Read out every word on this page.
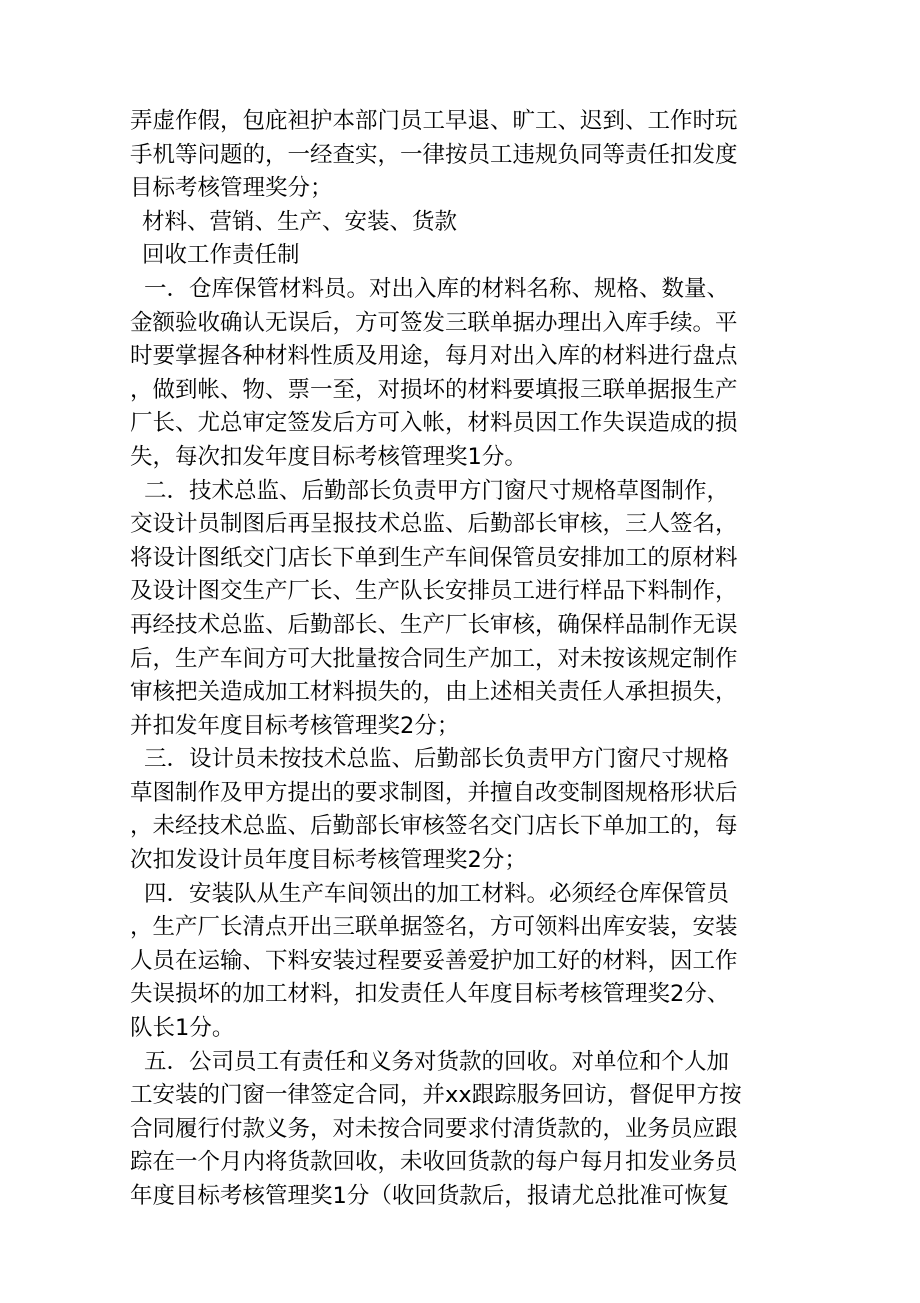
弄虚作假，包庇袒护本部门员工早退、旷工、迟到、工作时玩
手机等问题的，一经查实，一律按员工违规负同等责任扣发度
目标考核管理奖分；
材料、营销、生产、安装、货款
回收工作责任制
一．仓库保管材料员。对出入库的材料名称、规格、数量、
金额验收确认无误后，方可签发三联单据办理出入库手续。平
时要掌握各种材料性质及用途，每月对出入库的材料进行盘点
，做到帐、物、票一至，对损坏的材料要填报三联单据报生产
厂长、尤总审定签发后方可入帐，材料员因工作失误造成的损
失，每次扣发年度目标考核管理奖1分。
二．技术总监、后勤部长负责甲方门窗尺寸规格草图制作，
交设计员制图后再呈报技术总监、后勤部长审核，三人签名，
将设计图纸交门店长下单到生产车间保管员安排加工的原材料
及设计图交生产厂长、生产队长安排员工进行样品下料制作，
再经技术总监、后勤部长、生产厂长审核，确保样品制作无误
后，生产车间方可大批量按合同生产加工，对未按该规定制作
审核把关造成加工材料损失的，由上述相关责任人承担损失，
并扣发年度目标考核管理奖2分；
三．设计员未按技术总监、后勤部长负责甲方门窗尺寸规格
草图制作及甲方提出的要求制图，并擅自改变制图规格形状后
，未经技术总监、后勤部长审核签名交门店长下单加工的，每
次扣发设计员年度目标考核管理奖2分；
四．安装队从生产车间领出的加工材料。必须经仓库保管员
，生产厂长清点开出三联单据签名，方可领料出库安装，安装
人员在运输、下料安装过程要妥善爱护加工好的材料，因工作
失误损坏的加工材料，扣发责任人年度目标考核管理奖2分、
队长1分。
五．公司员工有责任和义务对货款的回收。对单位和个人加
工安装的门窗一律签定合同，并xx跟踪服务回访，督促甲方按
合同履行付款义务，对未按合同要求付清货款的，业务员应跟
踪在一个月内将货款回收，未收回货款的每户每月扣发业务员
年度目标考核管理奖1分（收回货款后，报请尤总批准可恢复
